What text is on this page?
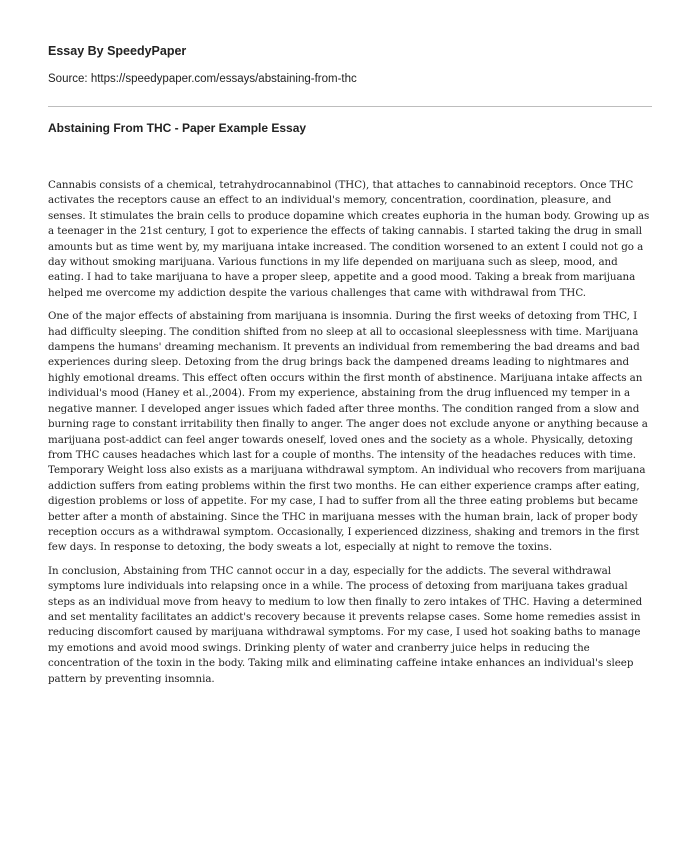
Essay By SpeedyPaper
Source: https://speedypaper.com/essays/abstaining-from-thc
Abstaining From THC - Paper Example Essay

Cannabis consists of a chemical, tetrahydrocannabinol (THC), that attaches to cannabinoid receptors. Once THC activates the receptors cause an effect to an individual's memory, concentration, coordination, pleasure, and senses. It stimulates the brain cells to produce dopamine which creates euphoria in the human body. Growing up as a teenager in the 21st century, I got to experience the effects of taking cannabis. I started taking the drug in small amounts but as time went by, my marijuana intake increased. The condition worsened to an extent I could not go a day without smoking marijuana. Various functions in my life depended on marijuana such as sleep, mood, and eating. I had to take marijuana to have a proper sleep, appetite and a good mood. Taking a break from marijuana helped me overcome my addiction despite the various challenges that came with withdrawal from THC.

One of the major effects of abstaining from marijuana is insomnia. During the first weeks of detoxing from THC, I had difficulty sleeping. The condition shifted from no sleep at all to occasional sleeplessness with time. Marijuana dampens the humans' dreaming mechanism. It prevents an individual from remembering the bad dreams and bad experiences during sleep. Detoxing from the drug brings back the dampened dreams leading to nightmares and highly emotional dreams. This effect often occurs within the first month of abstinence. Marijuana intake affects an individual's mood (Haney et al.,2004). From my experience, abstaining from the drug influenced my temper in a negative manner. I developed anger issues which faded after three months. The condition ranged from a slow and burning rage to constant irritability then finally to anger. The anger does not exclude anyone or anything because a marijuana post-addict can feel anger towards oneself, loved ones and the society as a whole. Physically, detoxing from THC causes headaches which last for a couple of months. The intensity of the headaches reduces with time. Temporary Weight loss also exists as a marijuana withdrawal symptom. An individual who recovers from marijuana addiction suffers from eating problems within the first two months. He can either experience cramps after eating, digestion problems or loss of appetite. For my case, I had to suffer from all the three eating problems but became better after a month of abstaining. Since the THC in marijuana messes with the human brain, lack of proper body reception occurs as a withdrawal symptom. Occasionally, I experienced dizziness, shaking and tremors in the first few days. In response to detoxing, the body sweats a lot, especially at night to remove the toxins.

In conclusion, Abstaining from THC cannot occur in a day, especially for the addicts. The several withdrawal symptoms lure individuals into relapsing once in a while. The process of detoxing from marijuana takes gradual steps as an individual move from heavy to medium to low then finally to zero intakes of THC. Having a determined and set mentality facilitates an addict's recovery because it prevents relapse cases. Some home remedies assist in reducing discomfort caused by marijuana withdrawal symptoms. For my case, I used hot soaking baths to manage my emotions and avoid mood swings. Drinking plenty of water and cranberry juice helps in reducing the concentration of the toxin in the body. Taking milk and eliminating caffeine intake enhances an individual's sleep pattern by preventing insomnia.
